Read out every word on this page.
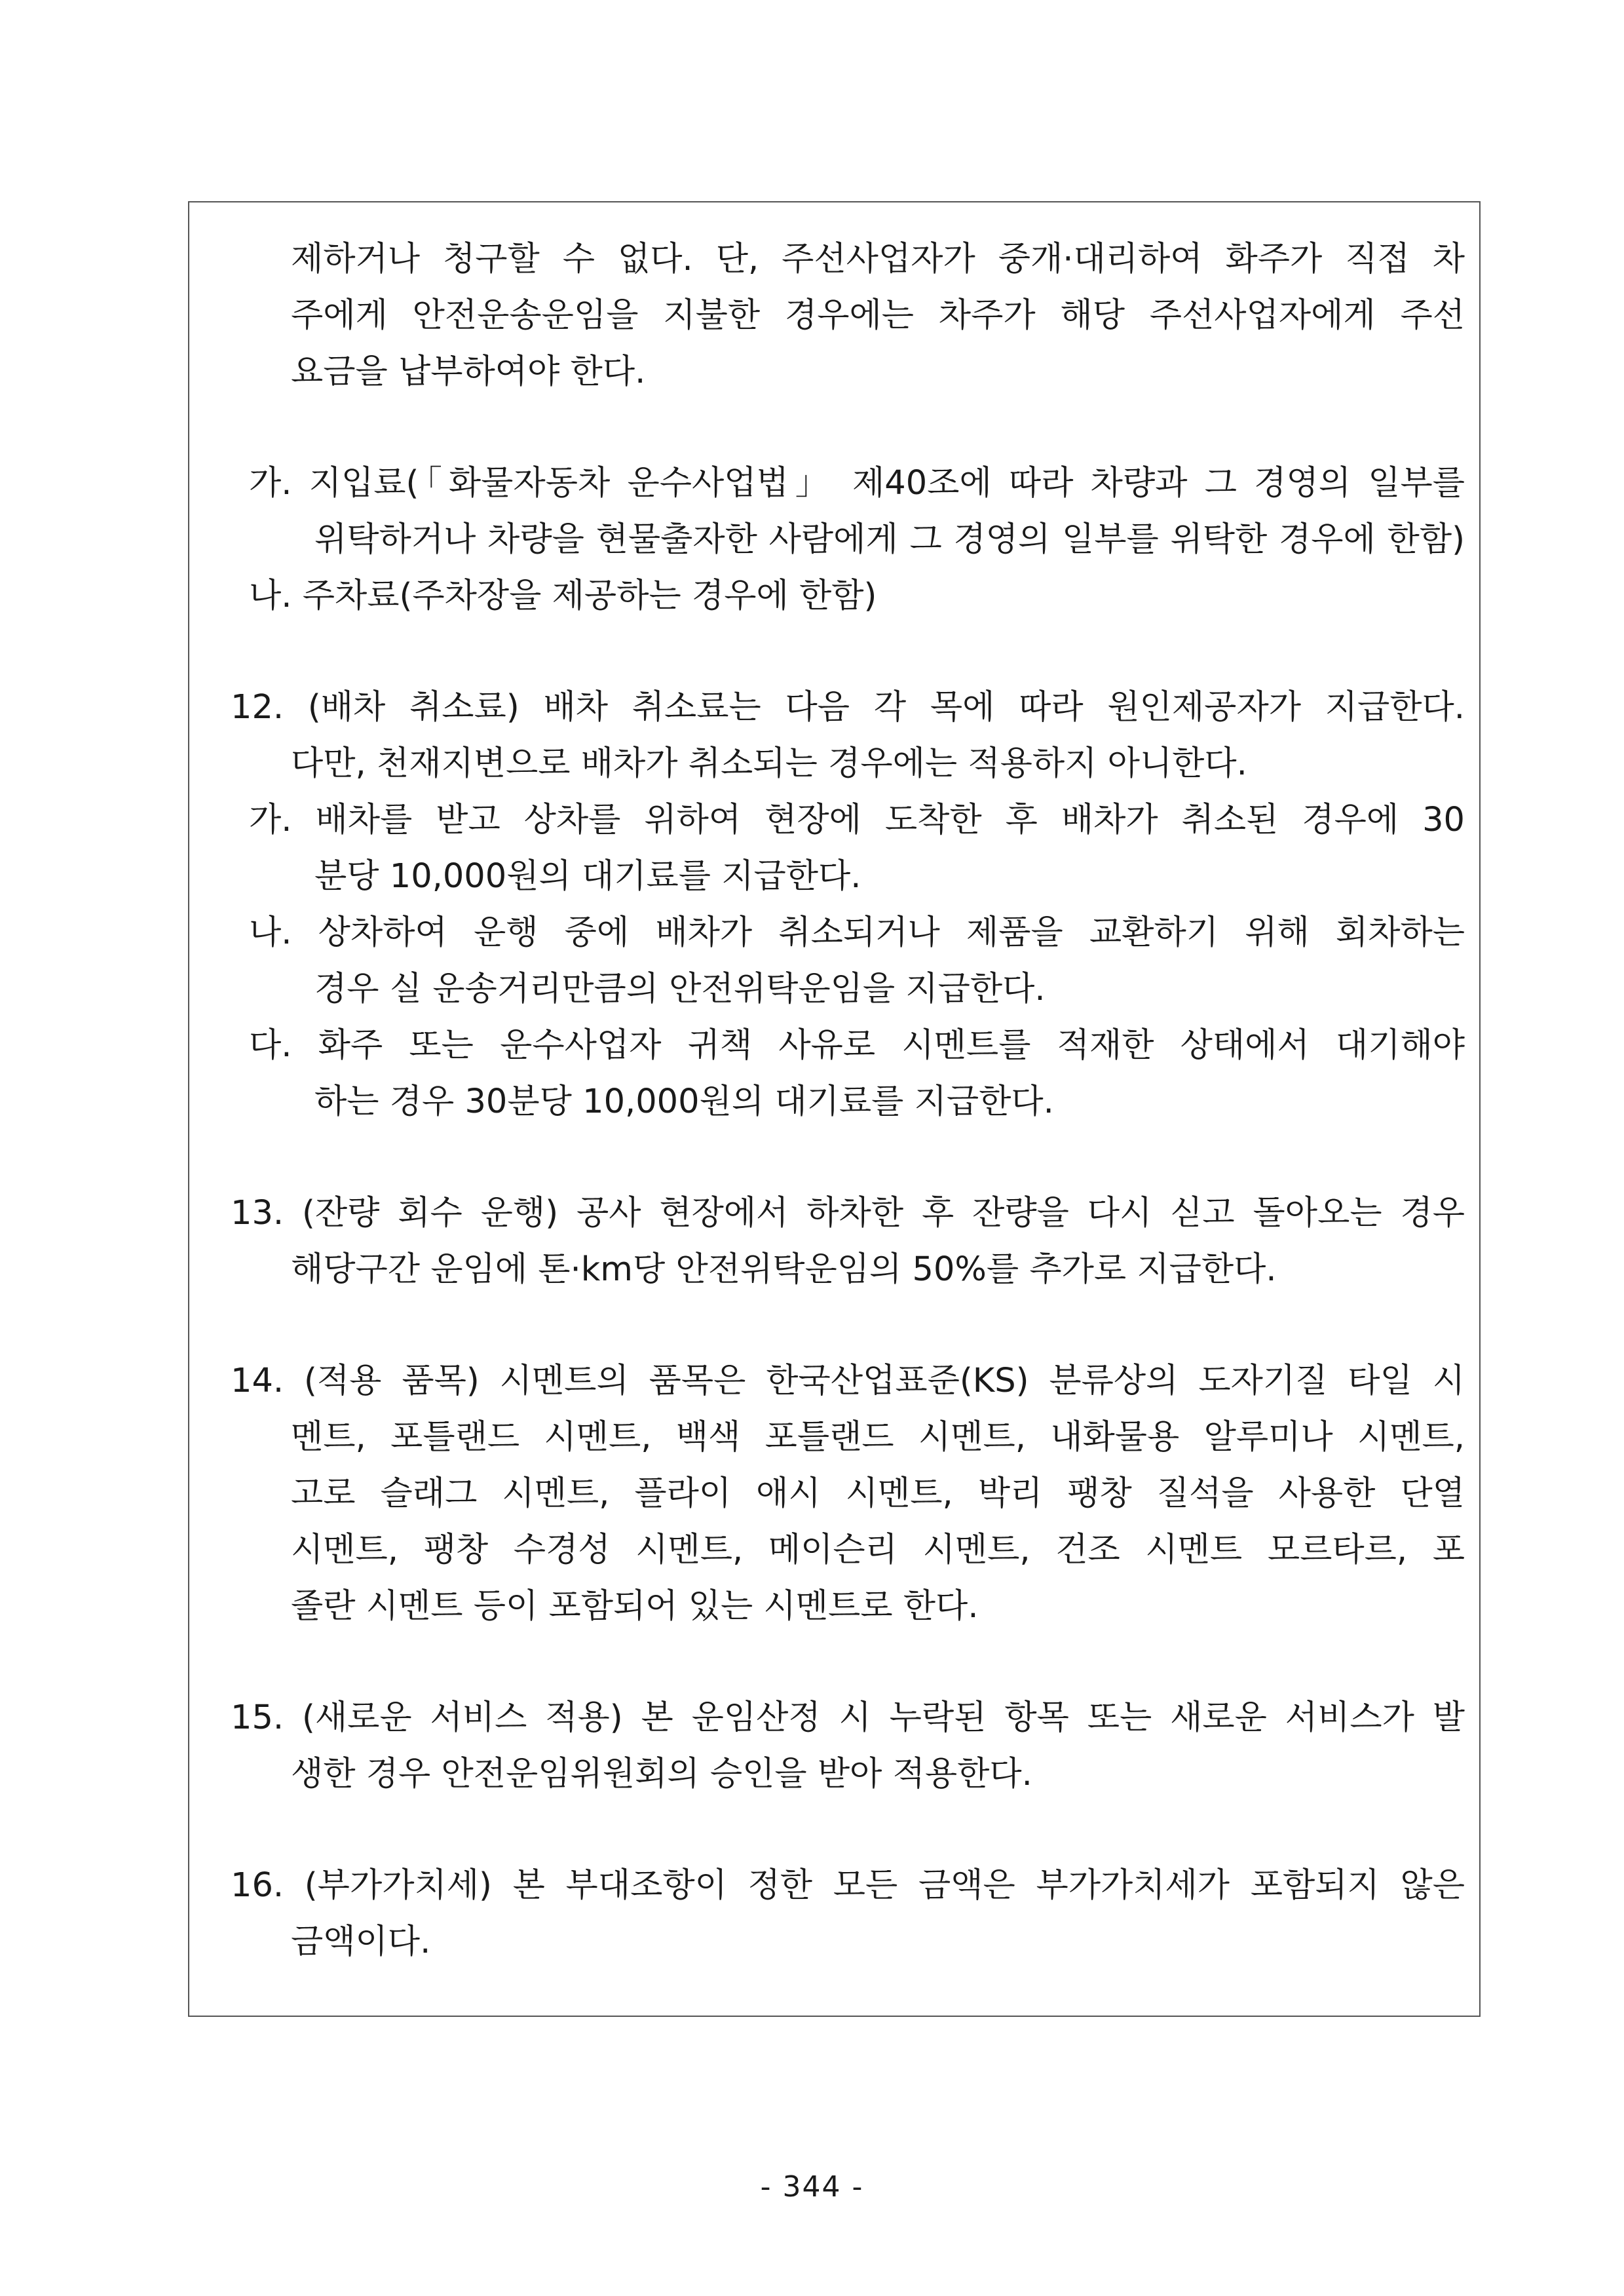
제하거나 청구할 수 없다. 단, 주선사업자가 중개·대리하여 화주가 직접 차
주에게 안전운송운임을 지불한 경우에는 차주가 해당 주선사업자에게 주선
요금을 납부하여야 한다.
가. 지입료(「화물자동차 운수사업법」 제40조에 따라 차량과 그 경영의 일부를
위탁하거나 차량을 현물출자한 사람에게 그 경영의 일부를 위탁한 경우에 한함)
나. 주차료(주차장을 제공하는 경우에 한함)
12. (배차 취소료) 배차 취소료는 다음 각 목에 따라 원인제공자가 지급한다.
다만, 천재지변으로 배차가 취소되는 경우에는 적용하지 아니한다.
가. 배차를 받고 상차를 위하여 현장에 도착한 후 배차가 취소된 경우에 30
분당 10,000원의 대기료를 지급한다.
나. 상차하여 운행 중에 배차가 취소되거나 제품을 교환하기 위해 회차하는
경우 실 운송거리만큼의 안전위탁운임을 지급한다.
다. 화주 또는 운수사업자 귀책 사유로 시멘트를 적재한 상태에서 대기해야
하는 경우 30분당 10,000원의 대기료를 지급한다.
13. (잔량 회수 운행) 공사 현장에서 하차한 후 잔량을 다시 싣고 돌아오는 경우
해당구간 운임에 톤·km당 안전위탁운임의 50%를 추가로 지급한다.
14. (적용 품목) 시멘트의 품목은 한국산업표준(KS) 분류상의 도자기질 타일 시
멘트, 포틀랜드 시멘트, 백색 포틀랜드 시멘트, 내화물용 알루미나 시멘트,
고로 슬래그 시멘트, 플라이 애시 시멘트, 박리 팽창 질석을 사용한 단열
시멘트, 팽창 수경성 시멘트, 메이슨리 시멘트, 건조 시멘트 모르타르, 포
졸란 시멘트 등이 포함되어 있는 시멘트로 한다.
15. (새로운 서비스 적용) 본 운임산정 시 누락된 항목 또는 새로운 서비스가 발
생한 경우 안전운임위원회의 승인을 받아 적용한다.
16. (부가가치세) 본 부대조항이 정한 모든 금액은 부가가치세가 포함되지 않은
금액이다.
- 344 -
